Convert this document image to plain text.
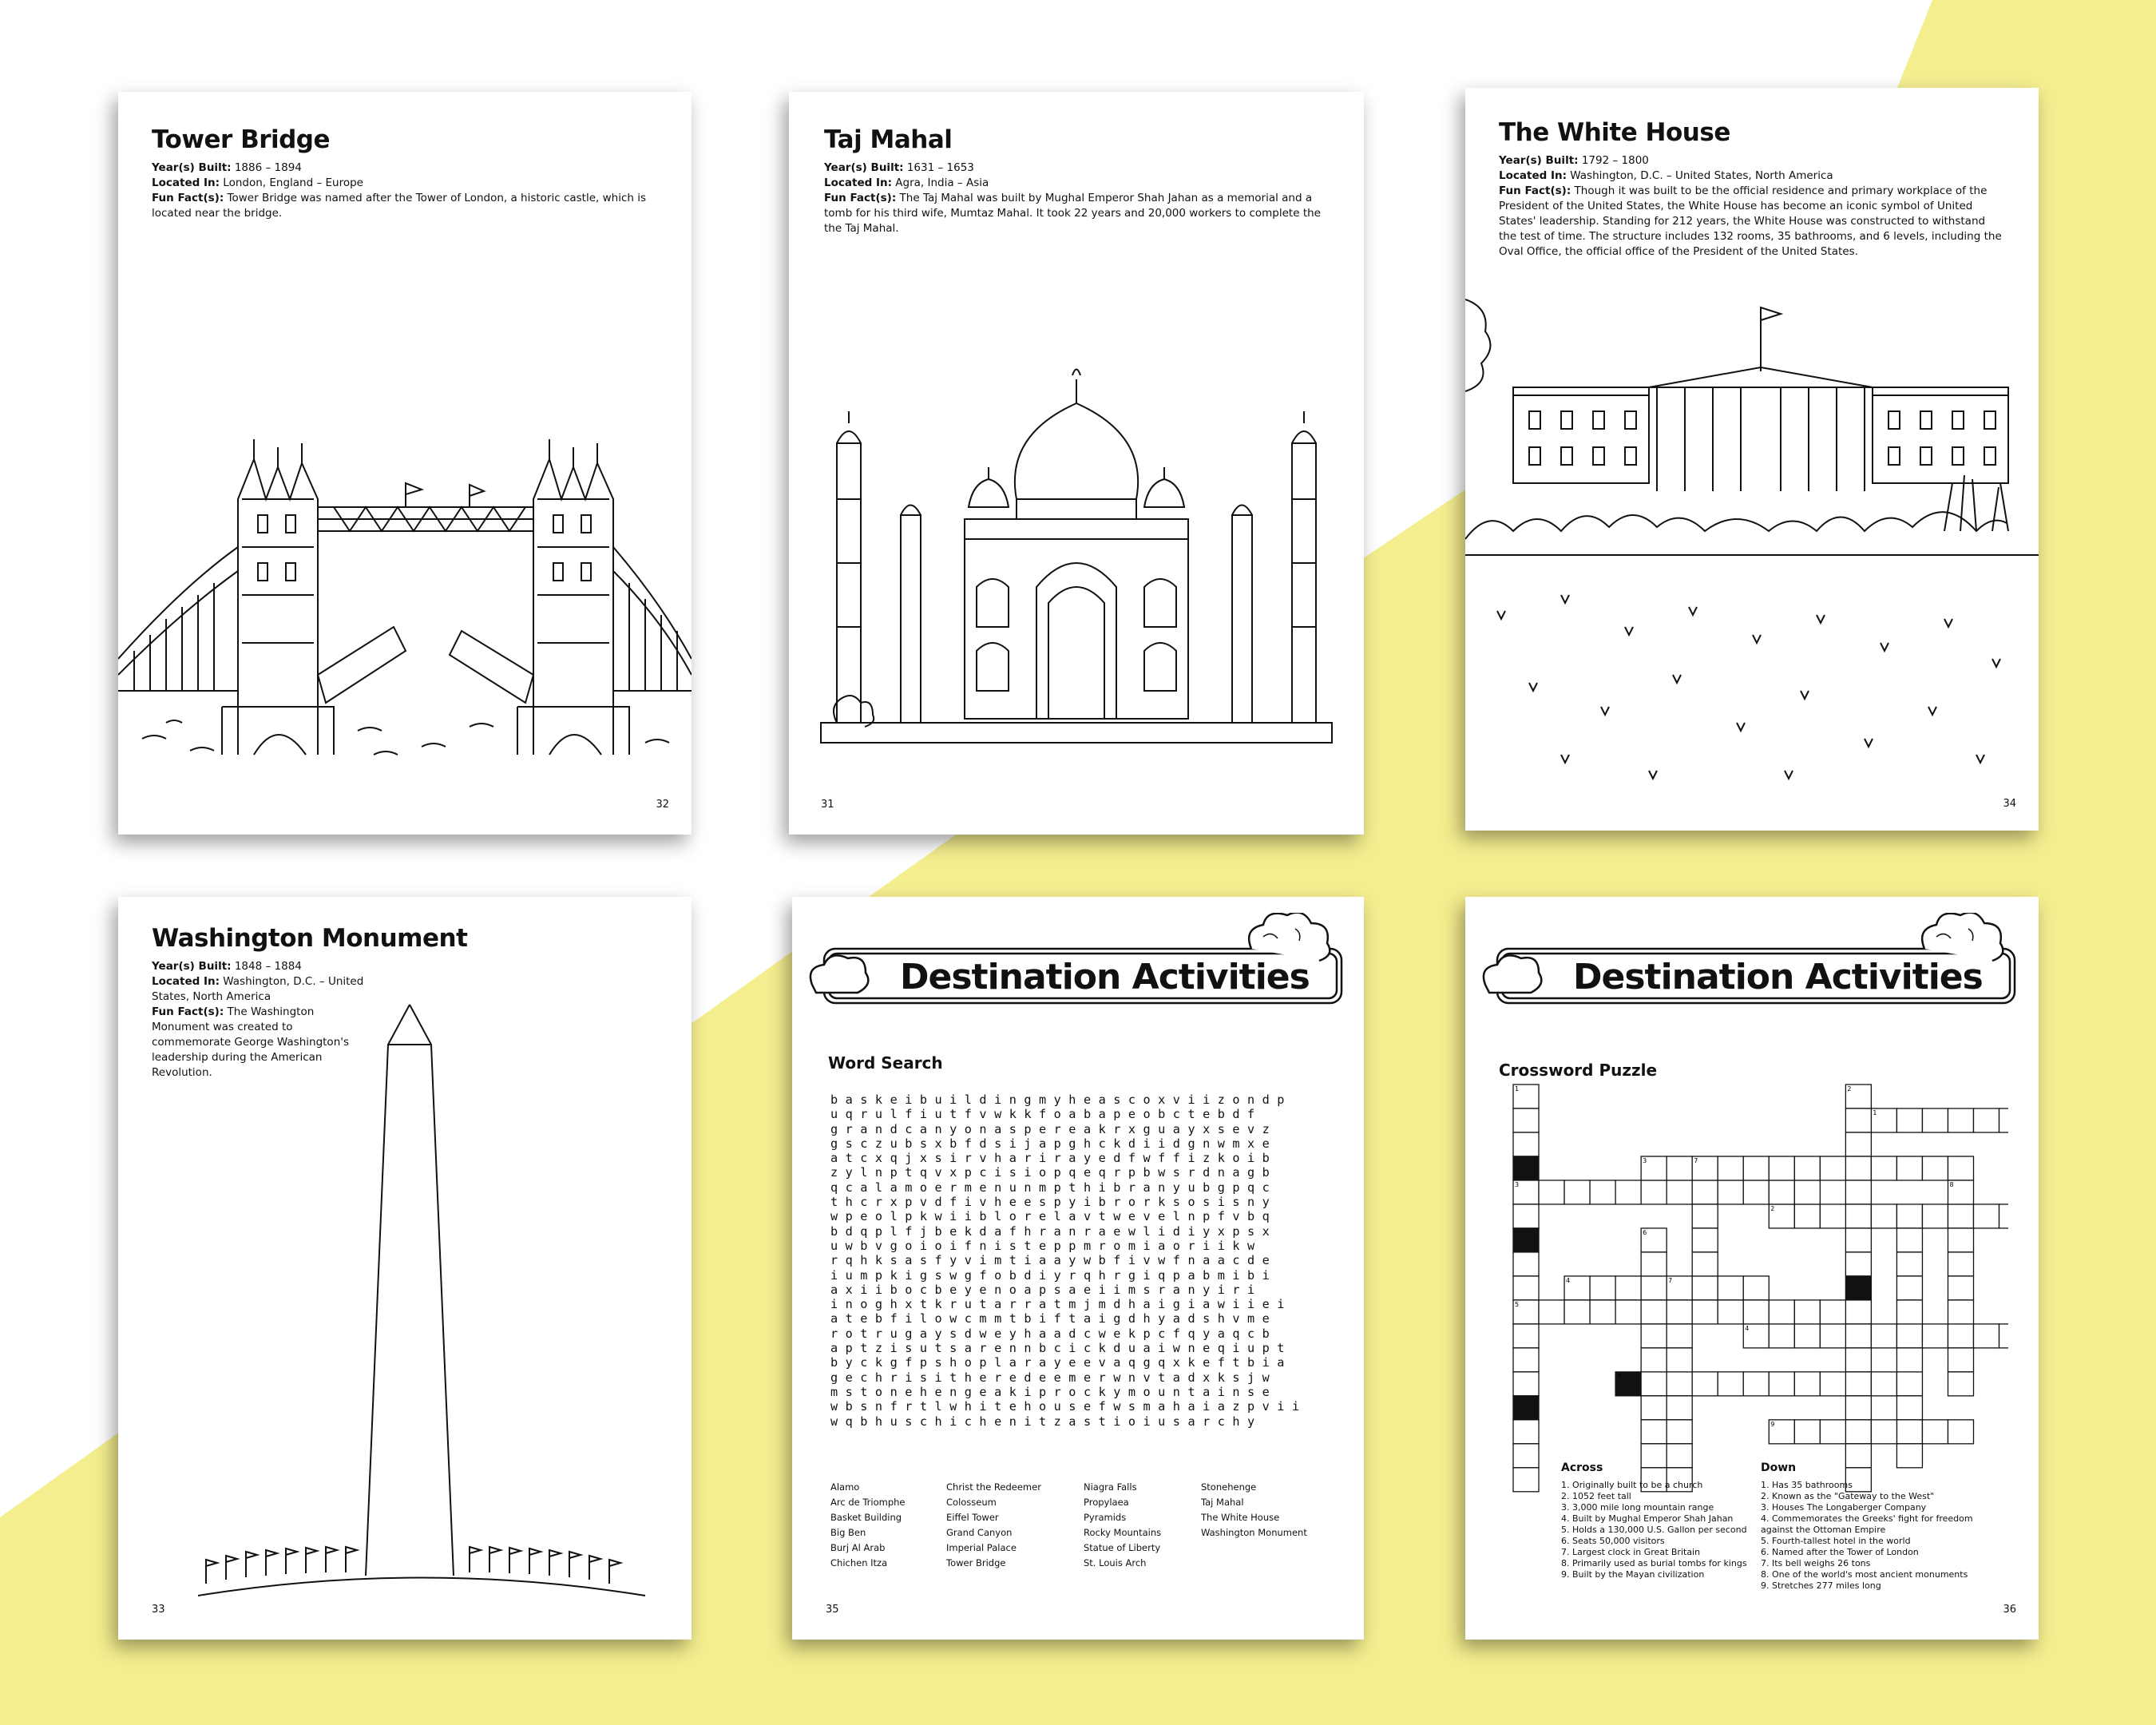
Tower Bridge
Year(s) Built: 1886 – 1894
Located In: London, England – Europe
Fun Fact(s): Tower Bridge was named after the Tower of London, a historic castle, which is located near the bridge.
32
Taj Mahal
Year(s) Built: 1631 – 1653
Located In: Agra, India – Asia
Fun Fact(s): The Taj Mahal was built by Mughal Emperor Shah Jahan as a memorial and a tomb for his third wife, Mumtaz Mahal. It took 22 years and 20,000 workers to complete the the Taj Mahal.
31
The White House
Year(s) Built: 1792 – 1800
Located In: Washington, D.C. – United States, North America
Fun Fact(s): Though it was built to be the official residence and primary workplace of the President of the United States, the White House has become an iconic symbol of United States' leadership. Standing for 212 years, the White House was constructed to withstand the test of time. The structure includes 132 rooms, 35 bathrooms, and 6 levels, including the Oval Office, the official office of the President of the United States.
34
Washington Monument
Year(s) Built: 1848 – 1884
Located In: Washington, D.C. – United States, North America
Fun Fact(s): The Washington Monument was created to commemorate George Washington's leadership during the American Revolution.
33
Destination Activities
Word Search
baskeibuildingmyheascoxviizondp
uqrulfiutfvwkkfoabapeobctebdf
grandcanyonaspereakrxguayxsevz
gsczubsxbfdsijapghckdiidgnwmxe
atcxqjxsirvharirayedfwffizkoib
zylnptqvxpcisiopqeqrpbwsrdnagb
qcalamoermenunmpthibranyubgpqc
thcrxpvdfivheespyibrorksosisny
wpeolpkwiiblorelavtwevelnpfvbq
bdqplfjbekdafhranraewlidiyxpsx
uwbvgoioifnisteppmromiaoriikw
rqhksasfyvimtiaaywbfivwfnaacde
iumpkigswgfobdiyrqhrgiqpabmibi
axiibocbeyenoapsaeiimsranyiri
inoghxtkrutarratmjmdhaigiawiiei
atebfilowcmmtbiftaigdhyadshvme
rotrugaysdweyhaadcwekpcfqyaqcb
aptzisutsarennbcickduaiwneqiupt
byckgfpshoplarayeevaqgqxkeftbia
gechrisitheredeemerwnvtadxksjw
mstonehengeakiprockymountainse
wbsnfrtlwhitehousefwsmahaiazpvii
wqbhuschichenitzastioiusarchy
Alamo
Arc de Triomphe
Basket Building
Big Ben
Burj Al Arab
Chichen Itza
Christ the Redeemer
Colosseum
Eiffel Tower
Grand Canyon
Imperial Palace
Tower Bridge
Niagra Falls
Propylaea
Pyramids
Rocky Mountains
Statue of Liberty
St. Louis Arch
Stonehenge
Taj Mahal
The White House
Washington Monument
35
Destination Activities
Crossword Puzzle
1
1
2
2
3
3
4
4
5
5
6
7
7
8
9
Across
1. Originally built to be a church
2. 1052 feet tall
3. 3,000 mile long mountain range
4. Built by Mughal Emperor Shah Jahan
5. Holds a 130,000 U.S. Gallon per second
6. Seats 50,000 visitors
7. Largest clock in Great Britain
8. Primarily used as burial tombs for kings
9. Built by the Mayan civilization
Down
1. Has 35 bathrooms
2. Known as the "Gateway to the West"
3. Houses The Longaberger Company
4. Commemorates the Greeks' fight for freedom against the Ottoman Empire
5. Fourth-tallest hotel in the world
6. Named after the Tower of London
7. Its bell weighs 26 tons
8. One of the world's most ancient monuments
9. Stretches 277 miles long
36
